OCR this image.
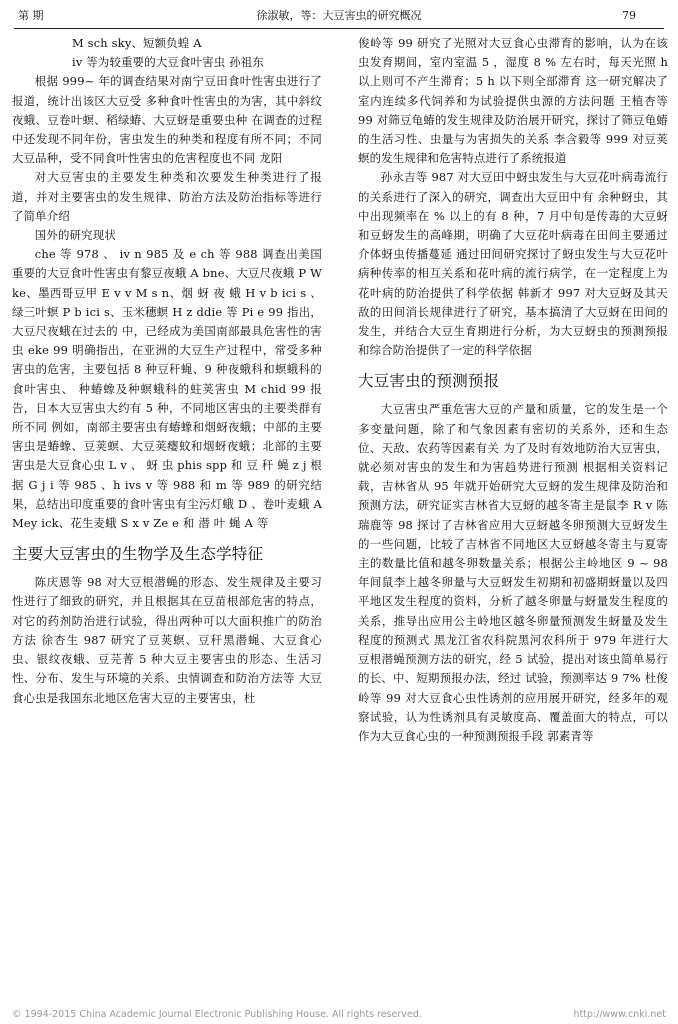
第 期	徐淑敏，等：大豆害虫的研究概况	79

M sch sky、短额负蝗 A

iv 等为较重要的大豆食叶害虫 孙祖东

根据 999~ 年的调查结果对南宁豆田食叶性害虫进行了报道，统计出该区大豆受 多种食叶性害虫的为害，其中斜纹夜蛾、豆卷叶螟、稻绿蝽、大豆蚜是重要虫种 在调查的过程中还发现不同年份，害虫发生的种类和程度有所不同；不同大豆品种，受不同食叶性害虫的危害程度也不同 龙阳

对大豆害虫的主要发生种类和次要发生种类进行了报道，并对主要害虫的发生规律、防治方法及防治指标等进行了简单介绍

国外的研究现状

che 等 978 、 iv n 985 及 e ch 等 988 调查出美国重要的大豆食叶性害虫有黎豆夜蛾 A bne、大豆尺夜蛾 P W ke、墨西哥豆甲 E v v M s n、烟 蚜 夜 蛾 H v b ici s 、绿三叶螟 P b ici s、玉米穗螟 H z ddie 等 Pi e 99 指出，大豆尺夜蛾在过去的 中，已经成为美国南部最具危害性的害虫 eke 99 明确指出，在亚洲的大豆生产过程中，常受多种害虫的危害，主要包括 8 种豆秆蝇、9 种夜蛾科和螟蛾科的食叶害虫、 种蝽蟓及种螟蛾科的蛀荚害虫 M chid 99 报告，日本大豆害虫大约有 5 种，不同地区害虫的主要类群有所不同 例如，南部主要害虫有蝽蟓和烟蚜夜蛾；中部的主要害虫是蝽蟓、豆荚螟、大豆荚瘿蚊和烟蚜夜蛾；北部的主要害虫是大豆食心虫 L v 、 蚜 虫 phis spp 和 豆 秆 蝇 z j 根 据 G j i 等 985 、h ivs v 等 988 和 m 等 989 的研究结果，总结出印度重要的食叶害虫有尘污灯蛾 D 、卷叶麦蛾 A Mey ick、花生麦蛾 S x v Ze e 和 潜 叶 蝇 A 等

主要大豆害虫的生物学及生态学特征

陈庆恩等 98 对大豆根潜蝇的形态、发生规律及主要习性进行了细致的研究，并且根据其在豆苗根部危害的特点，对它的药剂防治进行试验，得出两种可以大面积推广的防治方法 徐杏生 987 研究了豆荚螟、豆秆黑潜蝇、大豆食心虫、银纹夜蛾、豆芫菁 5 种大豆主要害虫的形态、生活习性、分布、发生与环境的关系、虫情调查和防治方法等 大豆食心虫是我国东北地区危害大豆的主要害虫，杜

俊岭等 99 研究了光照对大豆食心虫滞育的影响，认为在该虫发育期间，室内室温 5 ，湿度 8 % 左右时，每天光照 h 以上则可不产生滞育；5 h 以下则全部滞育 这一研究解决了室内连续多代饲养和为试验提供虫源的方法问题 王植杏等 99 对筛豆龟蝽的发生规律及防治展开研究，探讨了筛豆龟蝽的生活习性、虫量与为害损失的关系 李含毅等 999 对豆荚螟的发生规律和危害特点进行了系统报道

孙永吉等 987 对大豆田中蚜虫发生与大豆花叶病毒流行的关系进行了深入的研究，调查出大豆田中有 余种蚜虫，其中出现频率在 % 以上的有 8 种，7 月中旬是传毒的大豆蚜和豆蚜发生的高峰期，明确了大豆花叶病毒在田间主要通过介体蚜虫传播蔓延 通过田间研究探讨了蚜虫发生与大豆花叶病种传率的相互关系和花叶病的流行病学，在一定程度上为花叶病的防治提供了科学依据 韩新才 997 对大豆蚜及其天敌的田间消长规律进行了研究，基本搞清了大豆蚜在田间的发生，并结合大豆生育期进行分析，为大豆蚜虫的预测预报和综合防治提供了一定的科学依据

大豆害虫的预测预报

大豆害虫严重危害大豆的产量和质量，它的发生是一个多变量问题，除了和气象因素有密切的关系外，还和生态位、天敌、农药等因素有关 为了及时有效地防治大豆害虫，就必须对害虫的发生和为害趋势进行预测 根据相关资料记载，吉林省从 95 年就开始研究大豆蚜的发生规律及防治和预测方法，研究证实吉林省大豆蚜的越冬寄主是鼠李 R v 陈瑞鹿等 98 探讨了吉林省应用大豆蚜越冬卵预测大豆蚜发生的一些问题，比较了吉林省不同地区大豆蚜越冬寄主与夏寄主的数量比值和越冬卵数量关系；根据公主岭地区 9 ~ 98 年间鼠李上越冬卵量与大豆蚜发生初期和初盛期蚜量以及四平地区发生程度的资料，分析了越冬卵量与蚜量发生程度的关系，推导出应用公主岭地区越冬卵量预测发生蚜量及发生程度的预测式 黑龙江省农科院黑河农科所于 979 年进行大豆根潜蝇预测方法的研究，经 5 试验，提出对该虫简单易行的长、中、短期预报办法，经过 试验，预测率达 9 7% 杜俊岭等 99 对大豆食心虫性诱剂的应用展开研究，经多年的观察试验，认为性诱剂具有灵敏度高、覆盖面大的特点，可以作为大豆食心虫的一种预测预报手段 郭素青等

© 1994-2015 China Academic Journal Electronic Publishing House. All rights reserved.	http://www.cnki.net
